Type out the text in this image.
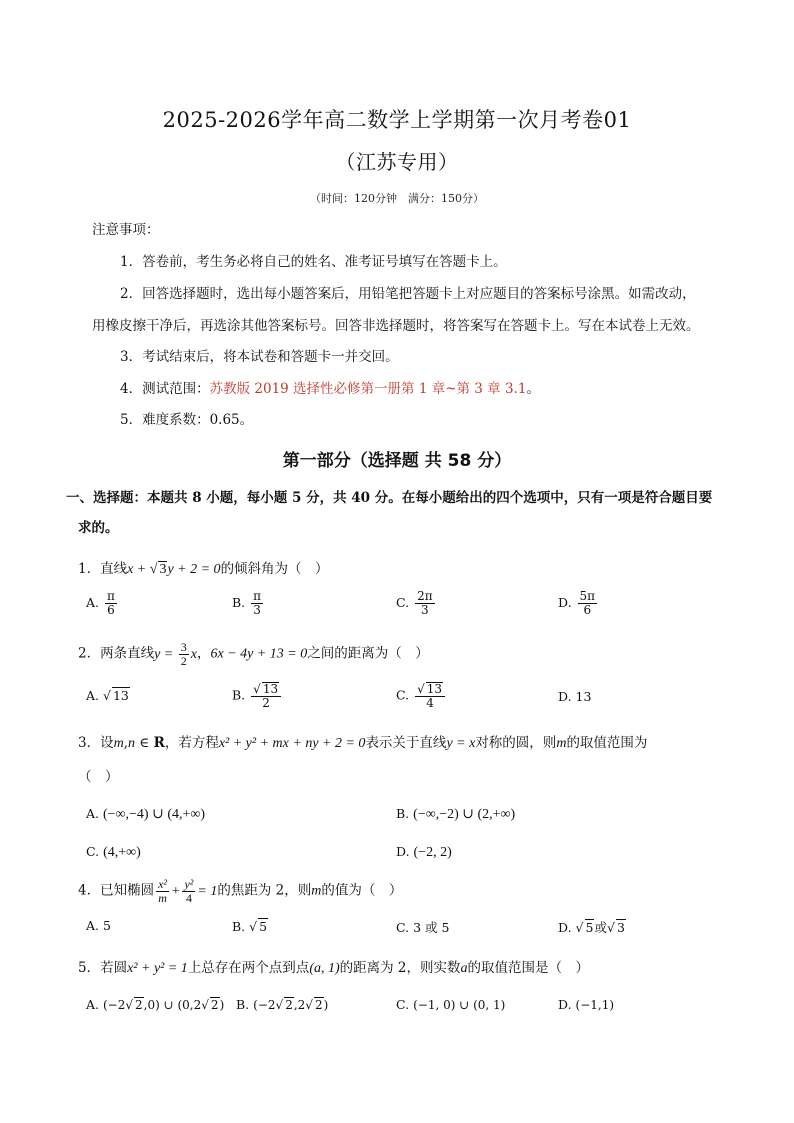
2025-2026学年高二数学上学期第一次月考卷01
（江苏专用）
（时间：120分钟　满分：150分）
注意事项：
1．答卷前，考生务必将自己的姓名、准考证号填写在答题卡上。
2．回答选择题时，选出每小题答案后，用铅笔把答题卡上对应题目的答案标号涂黑。如需改动，
用橡皮擦干净后，再选涂其他答案标号。回答非选择题时，将答案写在答题卡上。写在本试卷上无效。
3．考试结束后，将本试卷和答题卡一并交回。
4．测试范围：苏教版 2019 选择性必修第一册第 1 章~第 3 章 3.1。
5．难度系数：0.65。
第一部分（选择题 共 58 分）
一、选择题：本题共 8 小题，每小题 5 分，共 40 分。在每小题给出的四个选项中，只有一项是符合题目要
求的。
1．直线x + √ 3y + 2 = 0的倾斜角为（　）
A. $\frac{\pi}{6}$	B. $\frac{\pi}{3}$	C. $\frac{2\pi}{3}$	D. $\frac{5\pi}{6}$
2．两条直线$y = \frac{3}{2}$ x，6x − 4y + 13 = 0之间的距离为（　）
A. √ 13	B. √ $\frac{13}{2}$	C. √ $\frac{13}{4}$	D. 13
3．设m,n ∈ R，若方程x² + y² + mx + ny + 2 = 0表示关于直线y = x对称的圆，则m的取值范围为
（　）
A. (−∞,−4) ∪ (4,+∞)	B. (−∞,−2) ∪ (2,+∞)
C. (4,+∞)	D. (−2, 2)
4．已知椭圆 $\frac{\text{x²}}{m} + \frac{\text{y²}}{4} = 1$的焦距为 2，则m的值为（　）
A. 5	B. √ 5	C. 3 或 5	D. √ 5或 √ 3
5．若圆x² + y² = 1上总存在两个点到点(a, 1)的距离为 2，则实数a的取值范围是（　）
A. (−2 √ 2,0) ∪ (0,2 √ 2) B. (−2 √ 2,2 √ 2)	C. (−1, 0) ∪ (0, 1)	D. (−1,1)
